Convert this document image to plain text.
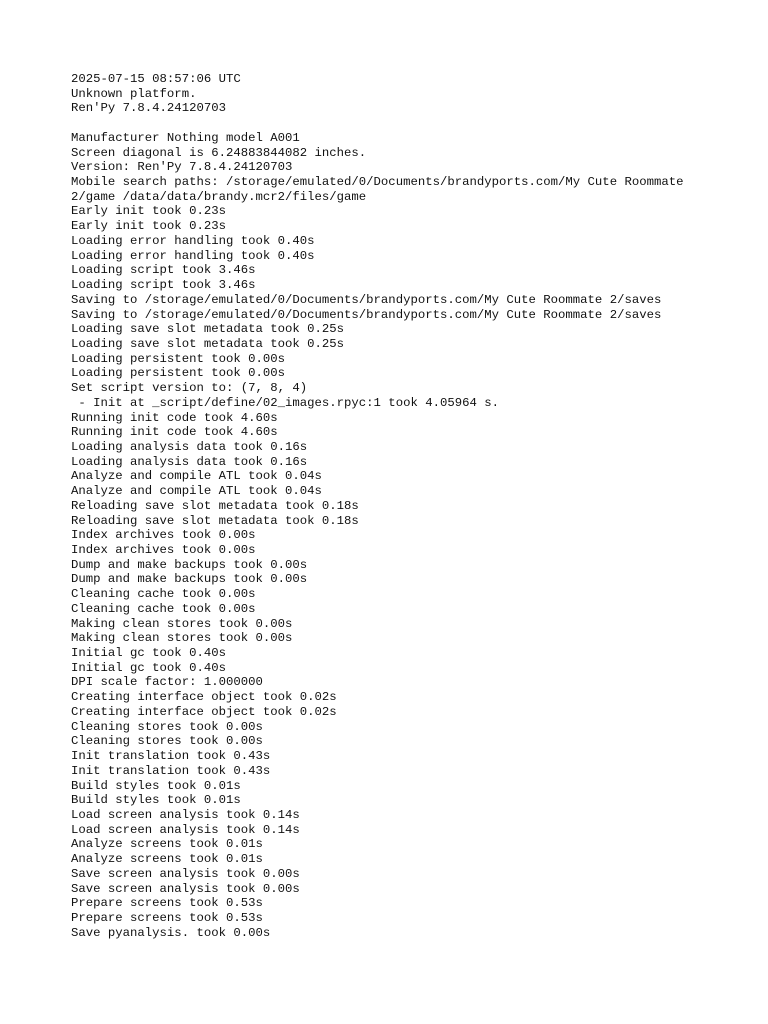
2025-07-15 08:57:06 UTC
Unknown platform.
Ren'Py 7.8.4.24120703
Manufacturer Nothing model A001
Screen diagonal is 6.24883844082 inches.
Version: Ren'Py 7.8.4.24120703
Mobile search paths: /storage/emulated/0/Documents/brandyports.com/My Cute Roommate
2/game /data/data/brandy.mcr2/files/game
Early init took 0.23s
Early init took 0.23s
Loading error handling took 0.40s
Loading error handling took 0.40s
Loading script took 3.46s
Loading script took 3.46s
Saving to /storage/emulated/0/Documents/brandyports.com/My Cute Roommate 2/saves
Saving to /storage/emulated/0/Documents/brandyports.com/My Cute Roommate 2/saves
Loading save slot metadata took 0.25s
Loading save slot metadata took 0.25s
Loading persistent took 0.00s
Loading persistent took 0.00s
Set script version to: (7, 8, 4)
- Init at _script/define/02_images.rpyc:1 took 4.05964 s.
Running init code took 4.60s
Running init code took 4.60s
Loading analysis data took 0.16s
Loading analysis data took 0.16s
Analyze and compile ATL took 0.04s
Analyze and compile ATL took 0.04s
Reloading save slot metadata took 0.18s
Reloading save slot metadata took 0.18s
Index archives took 0.00s
Index archives took 0.00s
Dump and make backups took 0.00s
Dump and make backups took 0.00s
Cleaning cache took 0.00s
Cleaning cache took 0.00s
Making clean stores took 0.00s
Making clean stores took 0.00s
Initial gc took 0.40s
Initial gc took 0.40s
DPI scale factor: 1.000000
Creating interface object took 0.02s
Creating interface object took 0.02s
Cleaning stores took 0.00s
Cleaning stores took 0.00s
Init translation took 0.43s
Init translation took 0.43s
Build styles took 0.01s
Build styles took 0.01s
Load screen analysis took 0.14s
Load screen analysis took 0.14s
Analyze screens took 0.01s
Analyze screens took 0.01s
Save screen analysis took 0.00s
Save screen analysis took 0.00s
Prepare screens took 0.53s
Prepare screens took 0.53s
Save pyanalysis. took 0.00s
